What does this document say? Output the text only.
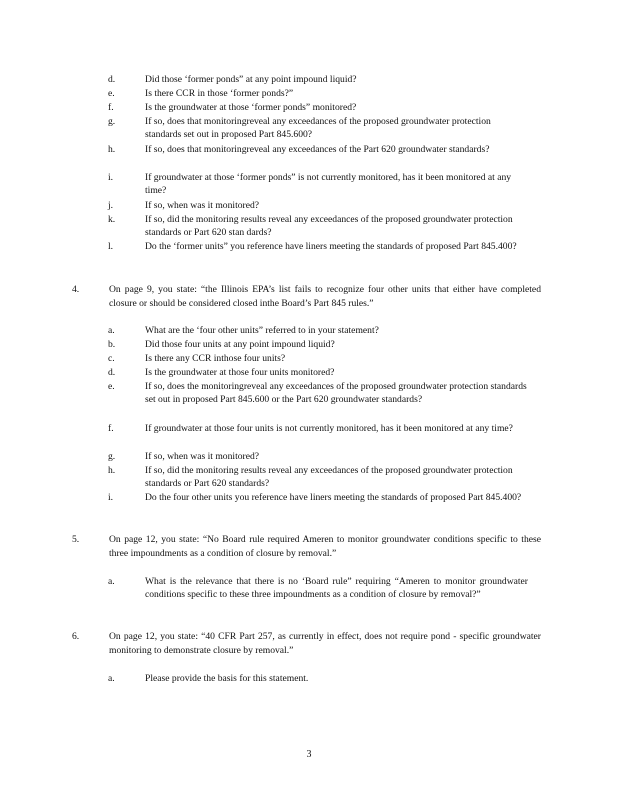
d.	Did those ‘former ponds” at any point impound liquid?
e.	Is there CCR in those ‘former ponds?”
f.	Is the groundwater at those ‘former ponds” monitored?
g.	If so, does that monitoringreveal any exceedances of the proposed groundwater protection standards set out in proposed Part 845.600?
h.	If so, does that monitoringreveal any exceedances of the Part 620 groundwater standards?
i.	If groundwater at those ‘former ponds” is not currently monitored, has it been monitored at any time?
j.	If so, when was it monitored?
k.	If so, did the monitoring results reveal any exceedances of the proposed groundwater protection standards or Part 620 stan dards?
l.	Do the ‘former units” you reference have liners meeting the standards of proposed Part 845.400?
4.	On page 9, you state: “the Illinois EPA’s list fails to recognize four other units that either have completed closure or should be considered closed inthe Board’s Part 845 rules.”
a.	What are the ‘four other units” referred to in your statement?
b.	Did those four units at any point impound liquid?
c.	Is there any CCR inthose four units?
d.	Is the groundwater at those four units monitored?
e.	If so, does the monitoringreveal any exceedances of the proposed groundwater protection standards set out in proposed Part 845.600 or the Part 620 groundwater standards?
f.	If groundwater at those four units is not currently monitored, has it been monitored at any time?
g.	If so, when was it monitored?
h.	If so, did the monitoring results reveal any exceedances of the proposed groundwater protection standards or Part 620 standards?
i.	Do the four other units you reference have liners meeting the standards of proposed Part 845.400?
5.	On page 12, you state: “No Board rule required Ameren to monitor groundwater conditions specific to these three impoundments as a condition of closure by removal.”
a.	What is the relevance that there is no ‘Board rule” requiring “Ameren to monitor groundwater conditions specific to these three impoundments as a condition of closure by removal?”
6.	On page 12, you state: “40 CFR Part 257, as currently in effect, does not require pond - specific groundwater monitoring to demonstrate closure by removal.”
a.	Please provide the basis for this statement.
3
